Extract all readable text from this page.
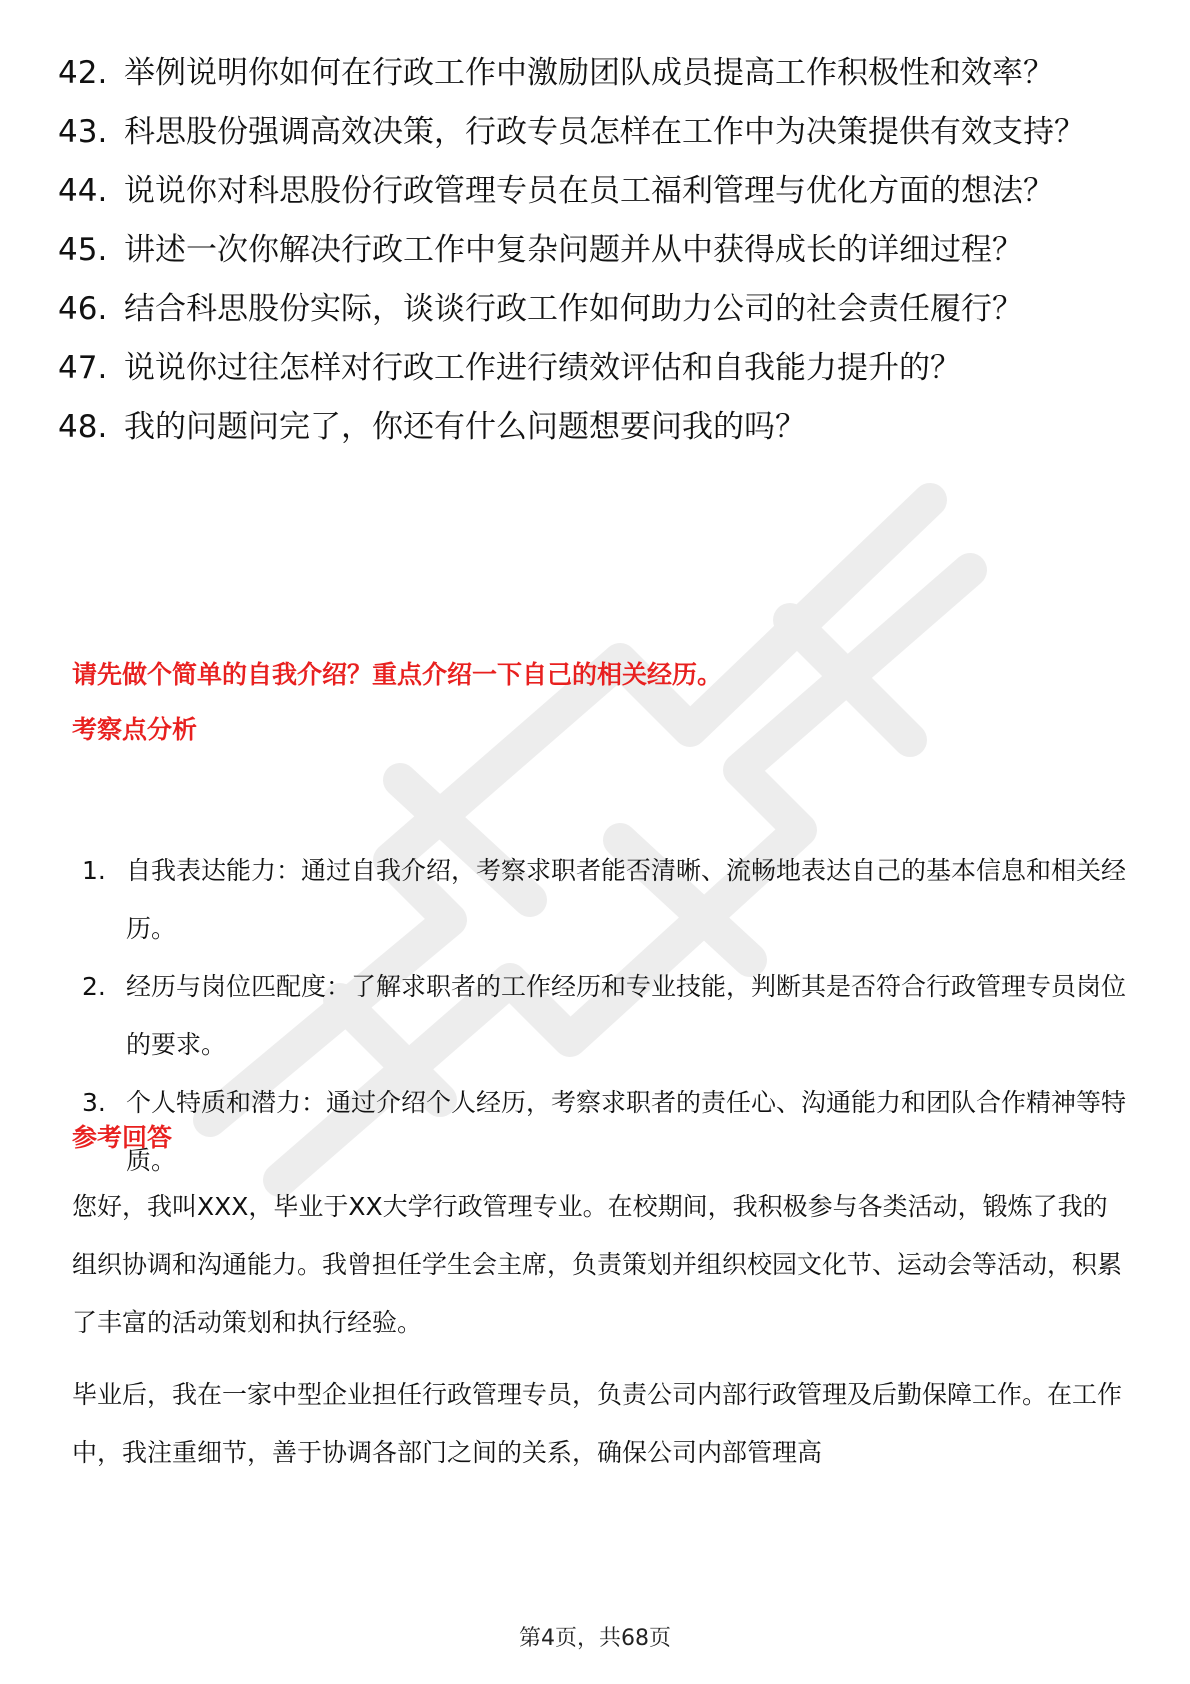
42. 举例说明你如何在行政工作中激励团队成员提高工作积极性和效率？
43. 科思股份强调高效决策，行政专员怎样在工作中为决策提供有效支持？
44. 说说你对科思股份行政管理专员在员工福利管理与优化方面的想法？
45. 讲述一次你解决行政工作中复杂问题并从中获得成长的详细过程？
46. 结合科思股份实际，谈谈行政工作如何助力公司的社会责任履行？
47. 说说你过往怎样对行政工作进行绩效评估和自我能力提升的？
48. 我的问题问完了，你还有什么问题想要问我的吗？
请先做个简单的自我介绍？重点介绍一下自己的相关经历。
考察点分析
1. 自我表达能力：通过自我介绍，考察求职者能否清晰、流畅地表达自己的基本信息和相关经历。
2. 经历与岗位匹配度：了解求职者的工作经历和专业技能，判断其是否符合行政管理专员岗位的要求。
3. 个人特质和潜力：通过介绍个人经历，考察求职者的责任心、沟通能力和团队合作精神等特质。
参考回答

您好，我叫XXX，毕业于XX大学行政管理专业。在校期间，我积极参与各类活动，锻炼了我的组织协调和沟通能力。我曾担任学生会主席，负责策划并组织校园文化节、运动会等活动，积累了丰富的活动策划和执行经验。

毕业后，我在一家中型企业担任行政管理专员，负责公司内部行政管理及后勤保障工作。在工作中，我注重细节，善于协调各部门之间的关系，确保公司内部管理高

第4页，共68页
